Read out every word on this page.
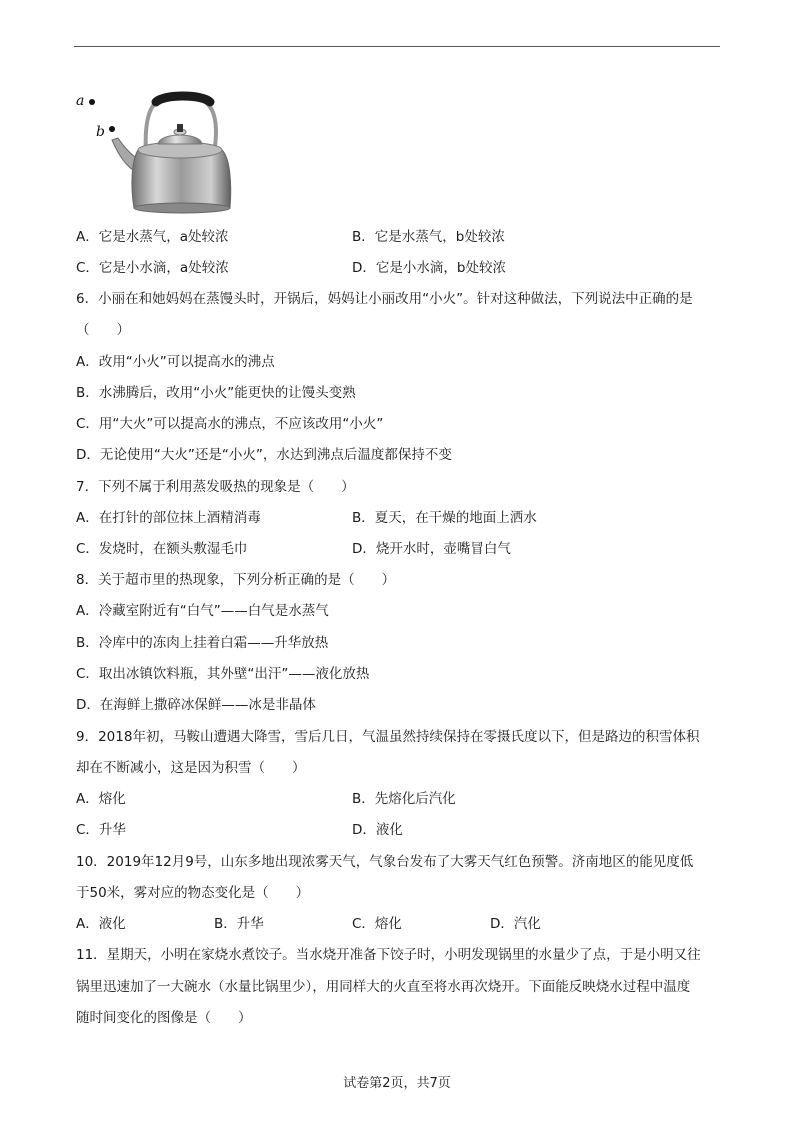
a
b
A．它是水蒸气，a处较浓	B．它是水蒸气，b处较浓
C．它是小水滴，a处较浓	D．它是小水滴，b处较浓
6．小丽在和她妈妈在蒸馒头时，开锅后，妈妈让小丽改用“小火”。针对这种做法，下列说法中正确的是
（　　）
A．改用“小火”可以提高水的沸点
B．水沸腾后，改用“小火”能更快的让馒头变熟
C．用“大火”可以提高水的沸点，不应该改用“小火”
D．无论使用“大火”还是“小火”，水达到沸点后温度都保持不变
7．下列不属于利用蒸发吸热的现象是（　　）
A．在打针的部位抹上酒精消毒	B．夏天，在干燥的地面上洒水
C．发烧时，在额头敷湿毛巾	D．烧开水时，壶嘴冒白气
8．关于超市里的热现象，下列分析正确的是（　　）
A．冷藏室附近有“白气”——白气是水蒸气
B．冷库中的冻肉上挂着白霜——升华放热
C．取出冰镇饮料瓶，其外壁“出汗”——液化放热
D．在海鲜上撒碎冰保鲜——冰是非晶体
9．2018年初，马鞍山遭遇大降雪，雪后几日，气温虽然持续保持在零摄氏度以下，但是路边的积雪体积
却在不断减小，这是因为积雪（　　）
A．熔化	B．先熔化后汽化
C．升华	D．液化
10．2019年12月9号，山东多地出现浓雾天气，气象台发布了大雾天气红色预警。济南地区的能见度低
于50米，雾对应的物态变化是（　　）
A．液化	B．升华	C．熔化	D．汽化
11．星期天，小明在家烧水煮饺子。当水烧开准备下饺子时，小明发现锅里的水量少了点，于是小明又往
锅里迅速加了一大碗水（水量比锅里少），用同样大的火直至将水再次烧开。下面能反映烧水过程中温度
随时间变化的图像是（　　）
试卷第2页，共7页
